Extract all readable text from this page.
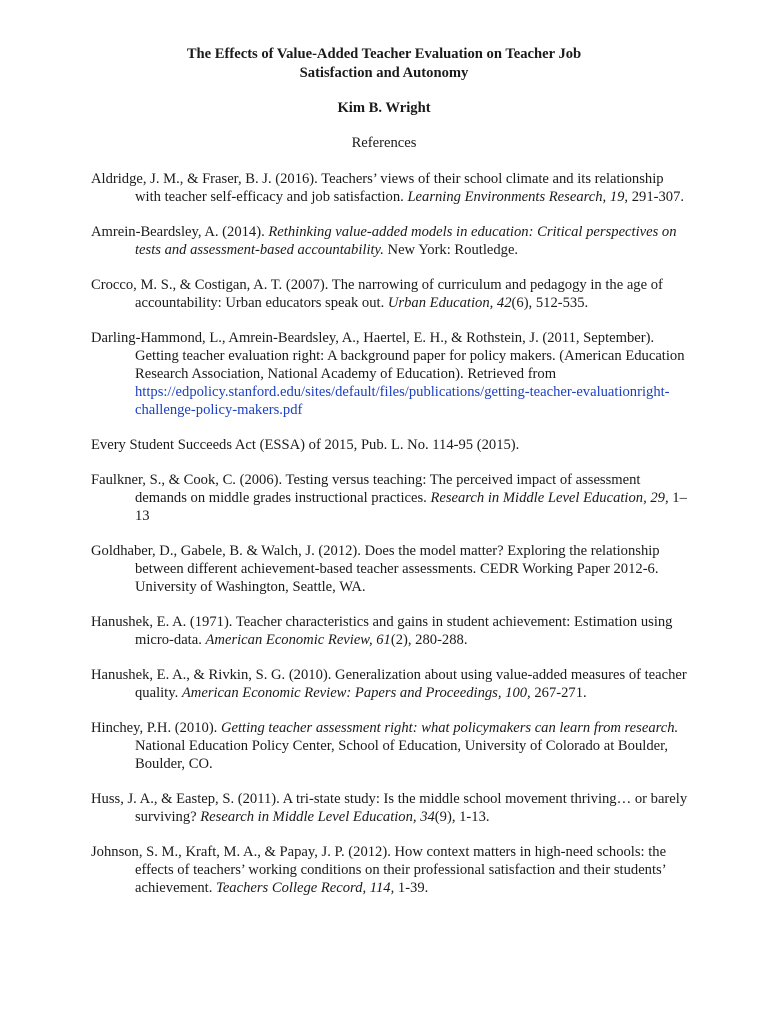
The Effects of Value-Added Teacher Evaluation on Teacher Job
Satisfaction and Autonomy
Kim B. Wright
References

Aldridge, J. M., & Fraser, B. J. (2016). Teachers’ views of their school climate and its relationship with teacher self-efficacy and job satisfaction. Learning Environments Research, 19, 291-307.

Amrein-Beardsley, A. (2014). Rethinking value-added models in education: Critical perspectives on tests and assessment-based accountability. New York: Routledge.

Crocco, M. S., & Costigan, A. T. (2007). The narrowing of curriculum and pedagogy in the age of accountability: Urban educators speak out. Urban Education, 42(6), 512-535.

Darling-Hammond, L., Amrein-Beardsley, A., Haertel, E. H., & Rothstein, J. (2011, September). Getting teacher evaluation right: A background paper for policy makers. (American Education Research Association, National Academy of Education). Retrieved from https://edpolicy.stanford.edu/sites/default/files/publications/getting-teacher-evaluationright-challenge-policy-makers.pdf

Every Student Succeeds Act (ESSA) of 2015, Pub. L. No. 114-95 (2015).

Faulkner, S., & Cook, C. (2006). Testing versus teaching: The perceived impact of assessment demands on middle grades instructional practices. Research in Middle Level Education, 29, 1–13

Goldhaber, D., Gabele, B. & Walch, J. (2012). Does the model matter? Exploring the relationship between different achievement-based teacher assessments. CEDR Working Paper 2012-6. University of Washington, Seattle, WA.

Hanushek, E. A. (1971). Teacher characteristics and gains in student achievement: Estimation using micro-data. American Economic Review, 61(2), 280-288.

Hanushek, E. A., & Rivkin, S. G. (2010). Generalization about using value-added measures of teacher quality. American Economic Review: Papers and Proceedings, 100, 267-271.

Hinchey, P.H. (2010). Getting teacher assessment right: what policymakers can learn from research. National Education Policy Center, School of Education, University of Colorado at Boulder, Boulder, CO.

Huss, J. A., & Eastep, S. (2011). A tri-state study: Is the middle school movement thriving… or barely surviving? Research in Middle Level Education, 34(9), 1-13.

Johnson, S. M., Kraft, M. A., & Papay, J. P. (2012). How context matters in high-need schools: the effects of teachers’ working conditions on their professional satisfaction and their students’ achievement. Teachers College Record, 114, 1-39.
